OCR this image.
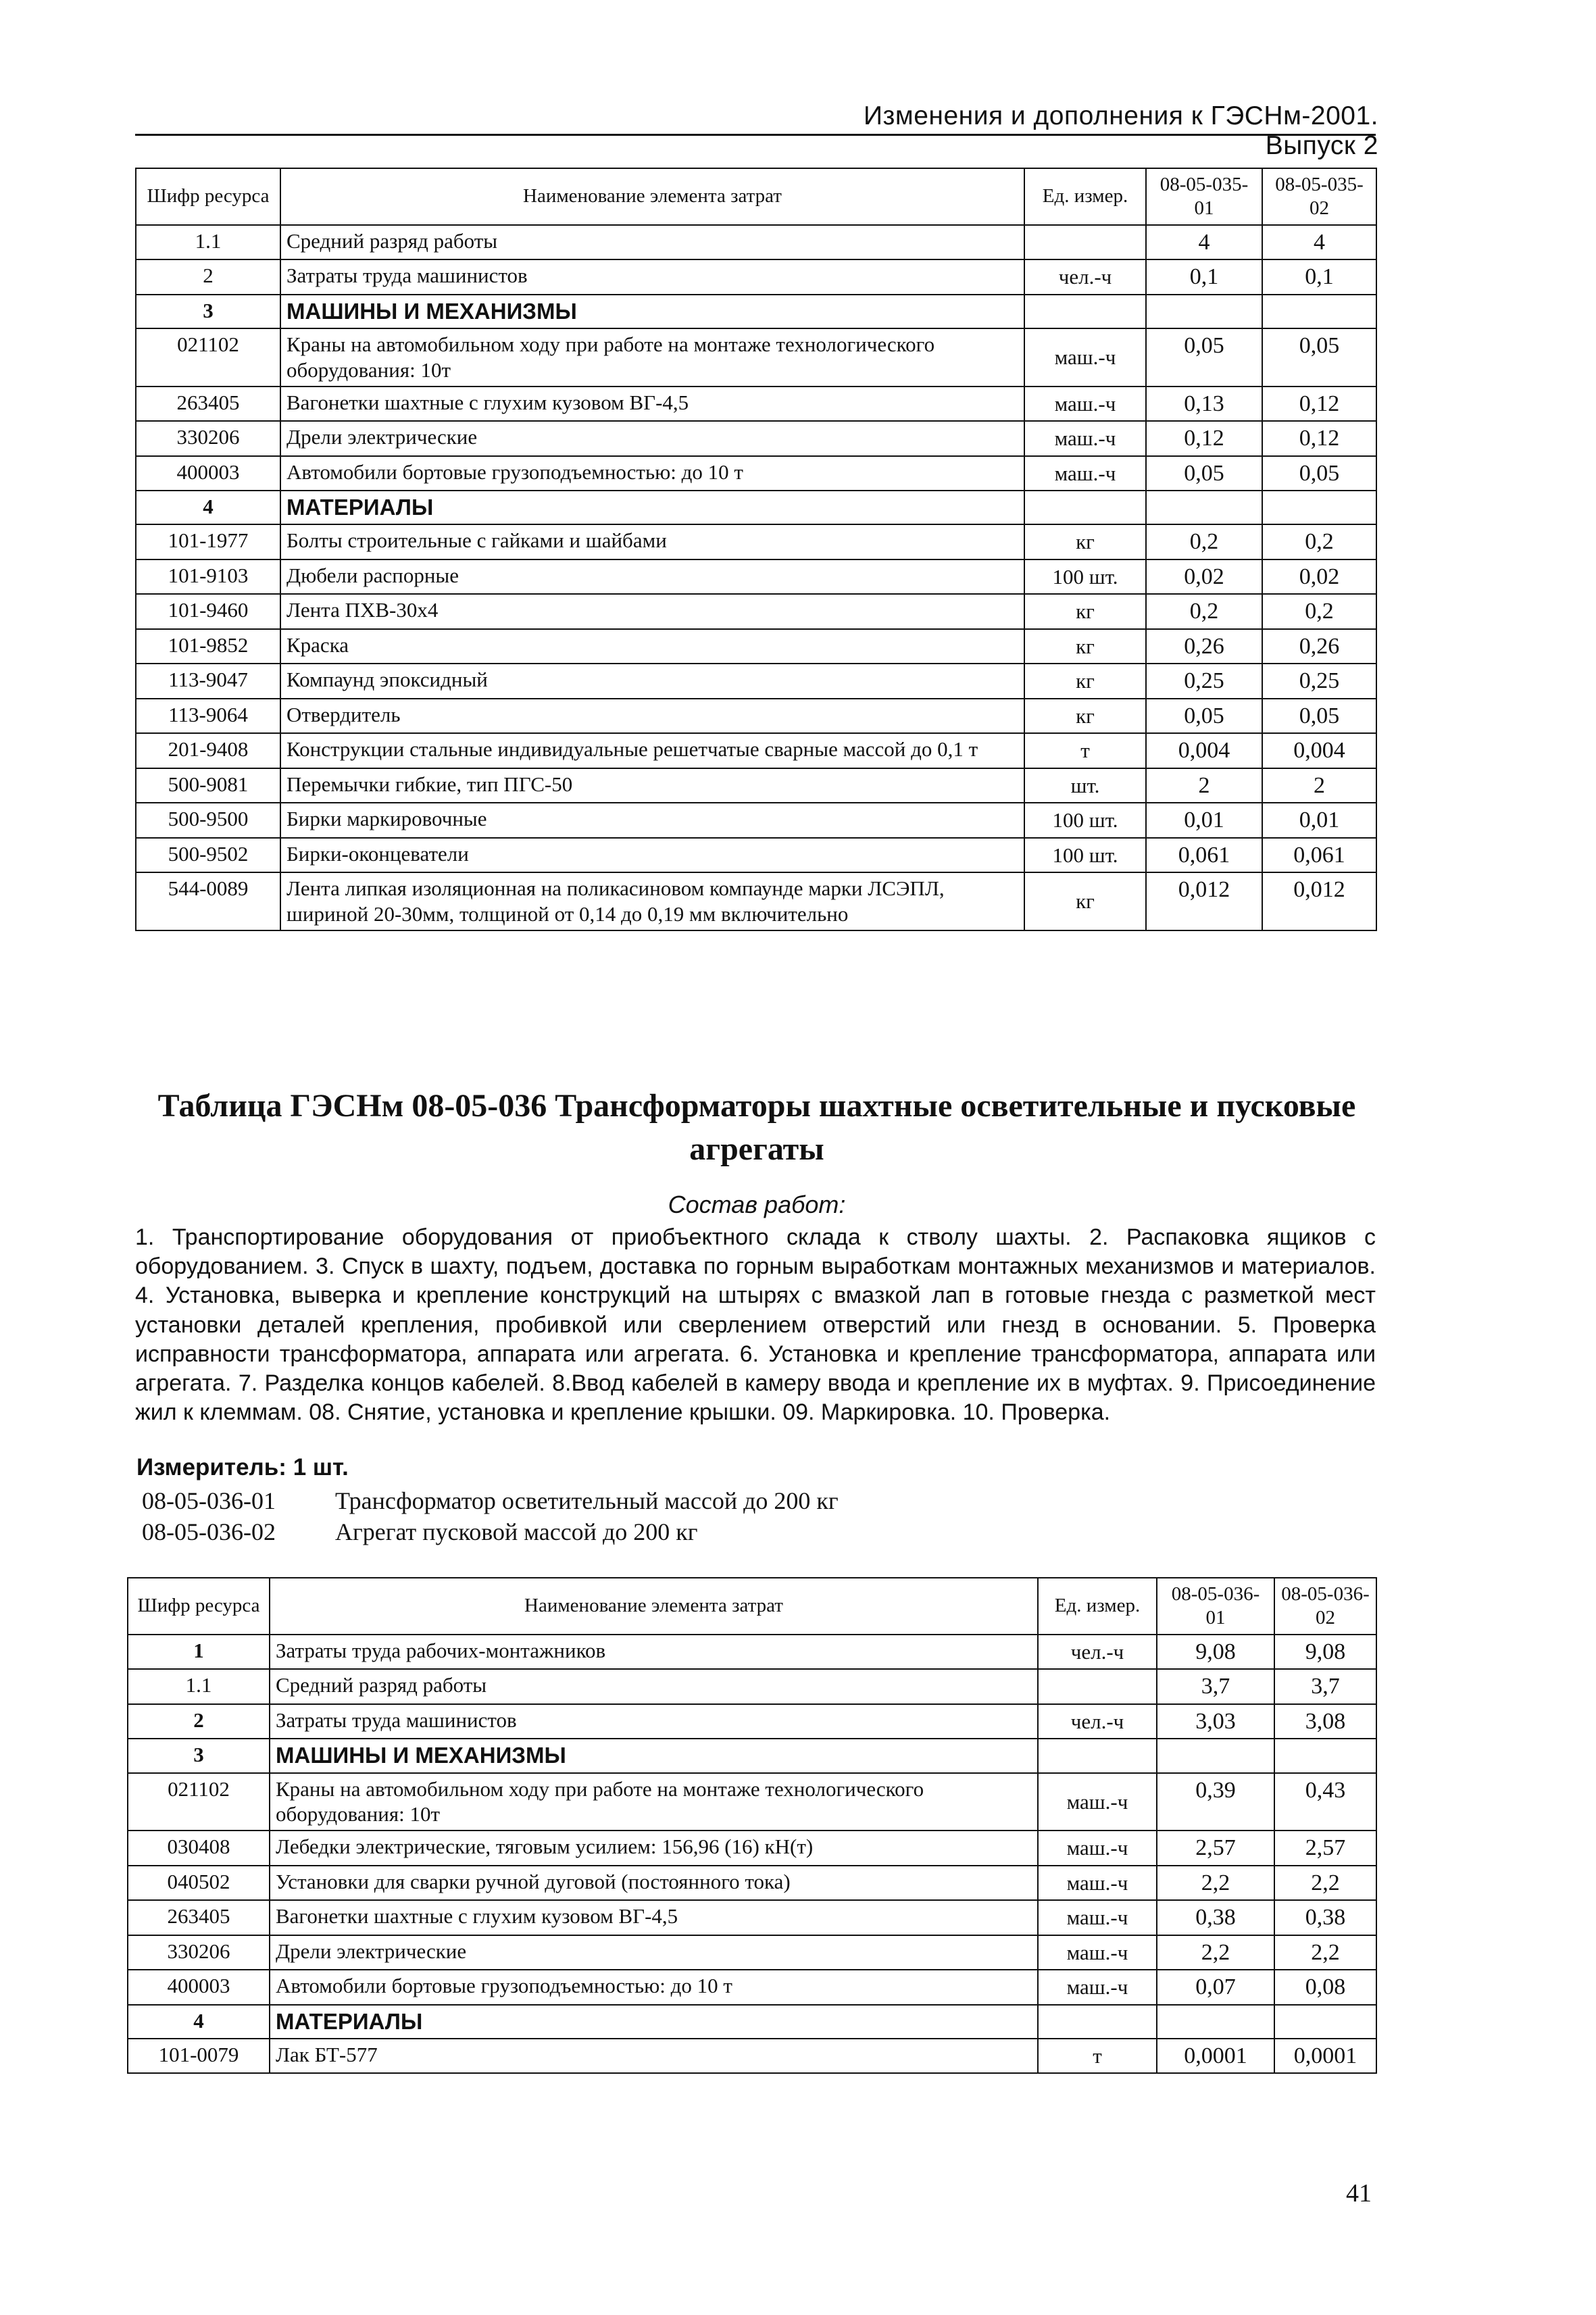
Изменения и дополнения к ГЭСНм-2001. Выпуск 2
Шифр ресурса	Наименование элемента затрат	Ед. измер.	08-05-035-01	08-05-035-02
1.1	Средний разряд работы		4	4
2	Затраты труда машинистов	чел.-ч	0,1	0,1
3	МАШИНЫ И МЕХАНИЗМЫ			
021102	Краны на автомобильном ходу при работе на монтаже технологического оборудования: 10т	маш.-ч	0,05	0,05
263405	Вагонетки шахтные с глухим кузовом ВГ-4,5	маш.-ч	0,13	0,12
330206	Дрели электрические	маш.-ч	0,12	0,12
400003	Автомобили бортовые грузоподъемностью: до 10 т	маш.-ч	0,05	0,05
4	МАТЕРИАЛЫ			
101-1977	Болты строительные с гайками и шайбами	кг	0,2	0,2
101-9103	Дюбели распорные	100 шт.	0,02	0,02
101-9460	Лента ПХВ-30х4	кг	0,2	0,2
101-9852	Краска	кг	0,26	0,26
113-9047	Компаунд эпоксидный	кг	0,25	0,25
113-9064	Отвердитель	кг	0,05	0,05
201-9408	Конструкции стальные индивидуальные решетчатые сварные массой до 0,1 т	т	0,004	0,004
500-9081	Перемычки гибкие, тип ПГС-50	шт.	2	2
500-9500	Бирки маркировочные	100 шт.	0,01	0,01
500-9502	Бирки-оконцеватели	100 шт.	0,061	0,061
544-0089	Лента липкая изоляционная на поликасиновом компаунде марки ЛСЭПЛ, шириной 20-30мм, толщиной от 0,14 до 0,19 мм включительно	кг	0,012	0,012
Таблица ГЭСНм 08-05-036 Трансформаторы шахтные осветительные и пусковые агрегаты
Состав работ:
1. Транспортирование оборудования от приобъектного склада к стволу шахты. 2. Распаковка ящиков с оборудованием. 3. Спуск в шахту, подъем, доставка по горным выработкам монтажных механизмов и материалов. 4. Установка, выверка и крепление конструкций на штырях с вмазкой лап в готовые гнезда с разметкой мест установки деталей крепления, пробивкой или сверлением отверстий или гнезд в основании. 5. Проверка исправности трансформатора, аппарата или агрегата. 6. Установка и крепление трансформатора, аппарата или агрегата. 7. Разделка концов кабелей. 8.Ввод кабелей в камеру ввода и крепление их в муфтах. 9. Присоединение жил к клеммам. 08. Снятие, установка и крепление крышки. 09. Маркировка. 10. Проверка.
Измеритель: 1 шт.
08-05-036-01 Трансформатор осветительный массой до 200 кг
08-05-036-02 Агрегат пусковой массой до 200 кг
Шифр ресурса	Наименование элемента затрат	Ед. измер.	08-05-036-01	08-05-036-02
1	Затраты труда рабочих-монтажников	чел.-ч	9,08	9,08
1.1	Средний разряд работы		3,7	3,7
2	Затраты труда машинистов	чел.-ч	3,03	3,08
3	МАШИНЫ И МЕХАНИЗМЫ			
021102	Краны на автомобильном ходу при работе на монтаже технологического оборудования: 10т	маш.-ч	0,39	0,43
030408	Лебедки электрические, тяговым усилием: 156,96 (16) кН(т)	маш.-ч	2,57	2,57
040502	Установки для сварки ручной дуговой (постоянного тока)	маш.-ч	2,2	2,2
263405	Вагонетки шахтные с глухим кузовом ВГ-4,5	маш.-ч	0,38	0,38
330206	Дрели электрические	маш.-ч	2,2	2,2
400003	Автомобили бортовые грузоподъемностью: до 10 т	маш.-ч	0,07	0,08
4	МАТЕРИАЛЫ			
101-0079	Лак БТ-577	т	0,0001	0,0001
41
